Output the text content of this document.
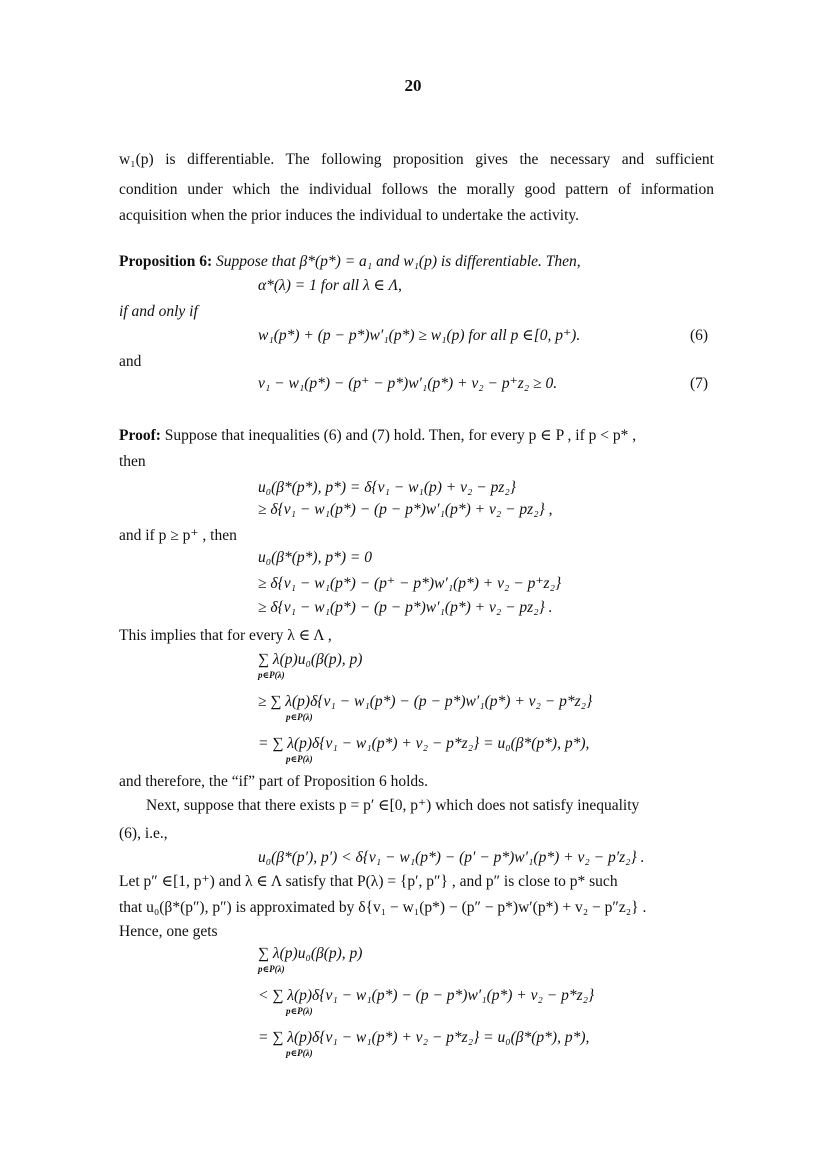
20
w₁(p) is differentiable. The following proposition gives the necessary and sufficient
condition under which the individual follows the morally good pattern of information
acquisition when the prior induces the individual to undertake the activity.
Proposition 6: Suppose that β*(p*) = a₁ and w₁(p) is differentiable. Then,
α*(λ) = 1 for all λ ∈ Λ,
if and only if
w₁(p*) + (p − p*)w′₁(p*) ≥ w₁(p) for all p ∈[0, p⁺).	(6)
and
v₁ − w₁(p*) − (p⁺ − p*)w′₁(p*) + v₂ − p⁺z₂ ≥ 0.	(7)
Proof: Suppose that inequalities (6) and (7) hold. Then, for every p ∈ P , if p < p* ,
then
u₀(β*(p*), p*) = δ{v₁ − w₁(p) + v₂ − pz₂}
≥ δ{v₁ − w₁(p*) − (p − p*)w′₁(p*) + v₂ − pz₂} ,
and if p ≥ p⁺ , then
u₀(β*(p*), p*) = 0
≥ δ{v₁ − w₁(p*) − (p⁺ − p*)w′₁(p*) + v₂ − p⁺z₂}
≥ δ{v₁ − w₁(p*) − (p − p*)w′₁(p*) + v₂ − pz₂} .
This implies that for every λ ∈ Λ ,
∑ λ(p)u₀(β(p), p)
p∈P(λ)
≥ ∑ λ(p)δ{v₁ − w₁(p*) − (p − p*)w′₁(p*) + v₂ − p*z₂}
p∈P(λ)
= ∑ λ(p)δ{v₁ − w₁(p*) + v₂ − p*z₂} = u₀(β*(p*), p*),
p∈P(λ)
and therefore, the “if” part of Proposition 6 holds.
Next, suppose that there exists p = p′ ∈[0, p⁺) which does not satisfy inequality
(6), i.e.,
u₀(β*(p′), p′) < δ{v₁ − w₁(p*) − (p′ − p*)w′₁(p*) + v₂ − p′z₂} .
Let p″ ∈[1, p⁺) and λ ∈ Λ satisfy that P(λ) = {p′, p″} , and p″ is close to p* such
that u₀(β*(p″), p″) is approximated by δ{v₁ − w₁(p*) − (p″ − p*)w′(p*) + v₂ − p″z₂} .
Hence, one gets
∑ λ(p)u₀(β(p), p)
p∈P(λ)
< ∑ λ(p)δ{v₁ − w₁(p*) − (p − p*)w′₁(p*) + v₂ − p*z₂}
p∈P(λ)
= ∑ λ(p)δ{v₁ − w₁(p*) + v₂ − p*z₂} = u₀(β*(p*), p*),
p∈P(λ)
